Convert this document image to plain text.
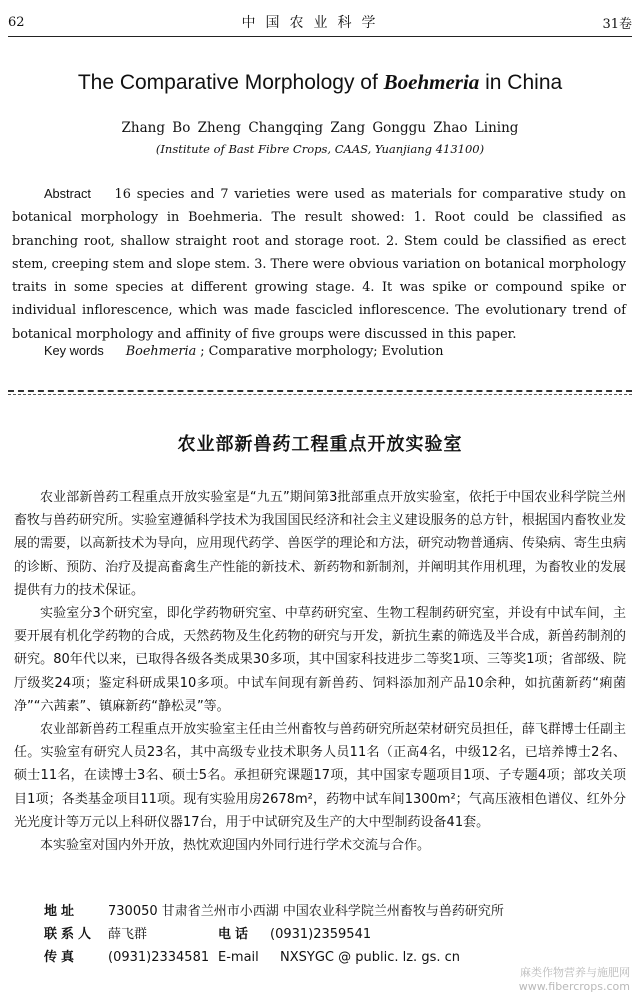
62	中国农业科学	31卷
The Comparative Morphology of Boehmeria in China
Zhang Bo Zheng Changqing Zang Gonggu Zhao Lining
(Institute of Bast Fibre Crops, CAAS, Yuanjiang 413100)
Abstract 16 species and 7 varieties were used as materials for comparative study on botanical morphology in Boehmeria. The result showed: 1. Root could be classified as branching root, shallow straight root and storage root. 2. Stem could be classified as erect stem, creeping stem and slope stem. 3. There were obvious variation on botanical morphology traits in some species at different growing stage. 4. It was spike or compound spike or individual inflorescence, which was made fascicled inflorescence. The evolutionary trend of botanical morphology and affinity of five groups were discussed in this paper.
Key words Boehmeria ; Comparative morphology; Evolution
农业部新兽药工程重点开放实验室

农业部新兽药工程重点开放实验室是“九五”期间第3批部重点开放实验室，依托于中国农业科学院兰州畜牧与兽药研究所。实验室遵循科学技术为我国国民经济和社会主义建设服务的总方针，根据国内畜牧业发展的需要，以高新技术为导向，应用现代药学、兽医学的理论和方法，研究动物普通病、传染病、寄生虫病的诊断、预防、治疗及提高畜禽生产性能的新技术、新药物和新制剂，并阐明其作用机理，为畜牧业的发展提供有力的技术保证。

实验室分3个研究室，即化学药物研究室、中草药研究室、生物工程制药研究室，并设有中试车间，主要开展有机化学药物的合成，天然药物及生化药物的研究与开发，新抗生素的筛选及半合成，新兽药制剂的研究。80年代以来，已取得各级各类成果30多项，其中国家科技进步二等奖1项、三等奖1项；省部级、院厅级奖24项；鉴定科研成果10多项。中试车间现有新兽药、饲料添加剂产品10余种，如抗菌新药“痢菌净”“六茜素”、镇麻新药“静松灵”等。

农业部新兽药工程重点开放实验室主任由兰州畜牧与兽药研究所赵荣材研究员担任，薛飞群博士任副主任。实验室有研究人员23名，其中高级专业技术职务人员11名（正高4名，中级12名，已培养博士2名、硕士11名，在读博士3名、硕士5名。承担研究课题17项，其中国家专题项目1项、子专题4项；部攻关项目1项；各类基金项目11项。现有实验用房2678m²，药物中试车间1300m²；气高压液相色谱仪、红外分光光度计等万元以上科研仪器17台，用于中试研究及生产的大中型制药设备41套。

本实验室对国内外开放，热忱欢迎国内外同行进行学术交流与合作。

地址	730050 甘肃省兰州市小西湖 中国农业科学院兰州畜牧与兽药研究所
联系人 薛飞群	电话	(0931)2359541
传真	(0931)2334581 E-mail	NXSYGC @ public. lz. gs. cn
麻类作物营养与施肥网
www.fibercrops.com
